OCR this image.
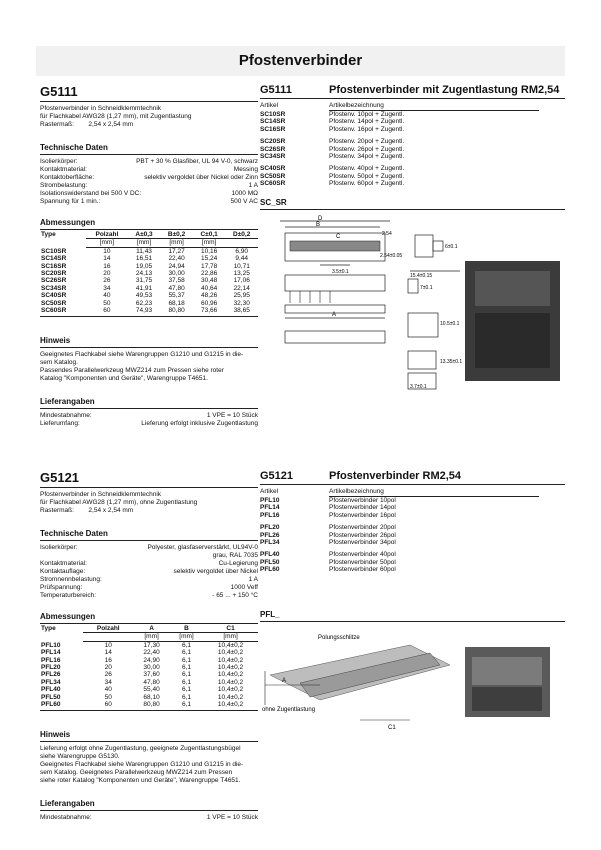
Pfostenverbinder
G5111
Pfostenverbinder in Schneidklemmtechnik
für Flachkabel AWG28 (1,27 mm), mit Zugentlastung
Rastermaß: 2,54 x 2,54 mm
Technische Daten
Isolierkörper:	PBT + 30 % Glasfiber, UL 94 V-0, schwarz
Kontaktmaterial:	Messing
Kontaktoberfläche:	selektiv vergoldet über Nickel oder Zinn
Strombelastung:	1 A
Isolationswiderstand bei 500 V DC:	1000 MΩ
Spannung für 1 min.:	500 V AC
Abmessungen
Type	Polzahl	A±0,3	B±0,2	C±0,1	D±0,2
	[mm]	[mm]	[mm]	[mm]	
SC10SR	10	11,43	17,27	10,16	6,90
SC14SR	14	16,51	22,40	15,24	9,44
SC16SR	16	19,05	24,94	17,78	10,71
SC20SR	20	24,13	30,00	22,86	13,25
SC26SR	26	31,75	37,58	30,48	17,06
SC34SR	34	41,91	47,80	40,64	22,14
SC40SR	40	49,53	55,37	48,26	25,95
SC50SR	50	62,23	68,18	60,96	32,30
SC60SR	60	74,93	80,80	73,66	38,65
Hinweis
Geeignetes Flachkabel siehe Warengruppen G1210 und G1215 in die-
sem Katalog.
Passendes Parallelwerkzeug MWZ214 zum Pressen siehe roter
Katalog "Komponenten und Geräte", Warengruppe T4651.
Lieferangaben
Mindestabnahme:	1 VPE = 10 Stück
Lieferumfang:	Lieferung erfolgt inklusive Zugentlastung
G5111	Pfostenverbinder mit Zugentlastung RM2,54
Artikel	Artikelbezeichnung
SC10SR	Pfostenv. 10pol + Zugentl.
SC14SR	Pfostenv. 14pol + Zugentl.
SC16SR	Pfostenv. 16pol + Zugentl.
SC20SR	Pfostenv. 20pol + Zugentl.
SC26SR	Pfostenv. 26pol + Zugentl.
SC34SR	Pfostenv. 34pol + Zugentl.
SC40SR	Pfostenv. 40pol + Zugentl.
SC50SR	Pfostenv. 50pol + Zugentl.
SC60SR	Pfostenv. 60pol + Zugentl.
SC_SR
D
B
C
A
2.54
2.54±0.05
3.5±0.1
6±0.1
7±0.1
15.4±0.15
10.5±0.1
13.35±0.1
3.7±0.1
G5121
Pfostenverbinder in Schneidklemmtechnik
für Flachkabel AWG28 (1,27 mm), ohne Zugentlastung
Rastermaß: 2,54 x 2,54 mm
Technische Daten
Isolierkörper:	Polyester, glasfaserverstärkt, UL94V-0
grau, RAL 7035
Kontaktmaterial:	Cu-Legierung
Kontaktauflage:	selektiv vergoldet über Nickel
Stromnennbelastung:	1 A
Prüfspannung:	1000 Veff
Temperaturbereich:	- 65 ... + 150 °C
Abmessungen
Type	Polzahl	A	B	C1
		[mm]	[mm]	[mm]
PFL10	10	17,30	6,1	10,4±0,2
PFL14	14	22,40	6,1	10,4±0,2
PFL16	16	24,90	6,1	10,4±0,2
PFL20	20	30,00	6,1	10,4±0,2
PFL26	26	37,60	6,1	10,4±0,2
PFL34	34	47,80	6,1	10,4±0,2
PFL40	40	55,40	6,1	10,4±0,2
PFL50	50	68,10	6,1	10,4±0,2
PFL60	60	80,80	6,1	10,4±0,2
Hinweis
Lieferung erfolgt ohne Zugentlastung, geeignete Zugentlastungsbügel
siehe Warengruppe G5130.
Geeignetes Flachkabel siehe Warengruppen G1210 und G1215 in die-
sem Katalog. Geeignetes Parallelwerkzeug MWZ214 zum Pressen
siehe roter Katalog "Komponenten und Geräte", Warengruppe T4651.
Lieferangaben
Mindestabnahme:	1 VPE = 10 Stück
G5121	Pfostenverbinder RM2,54
Artikel	Artikelbezeichnung
PFL10	Pfostenverbinder 10pol
PFL14	Pfostenverbinder 14pol
PFL16	Pfostenverbinder 16pol
PFL20	Pfostenverbinder 20pol
PFL26	Pfostenverbinder 26pol
PFL34	Pfostenverbinder 34pol
PFL40	Pfostenverbinder 40pol
PFL50	Pfostenverbinder 50pol
PFL60	Pfostenverbinder 60pol
PFL_
Polungsschlitze
A
ohne Zugentlastung
C1
